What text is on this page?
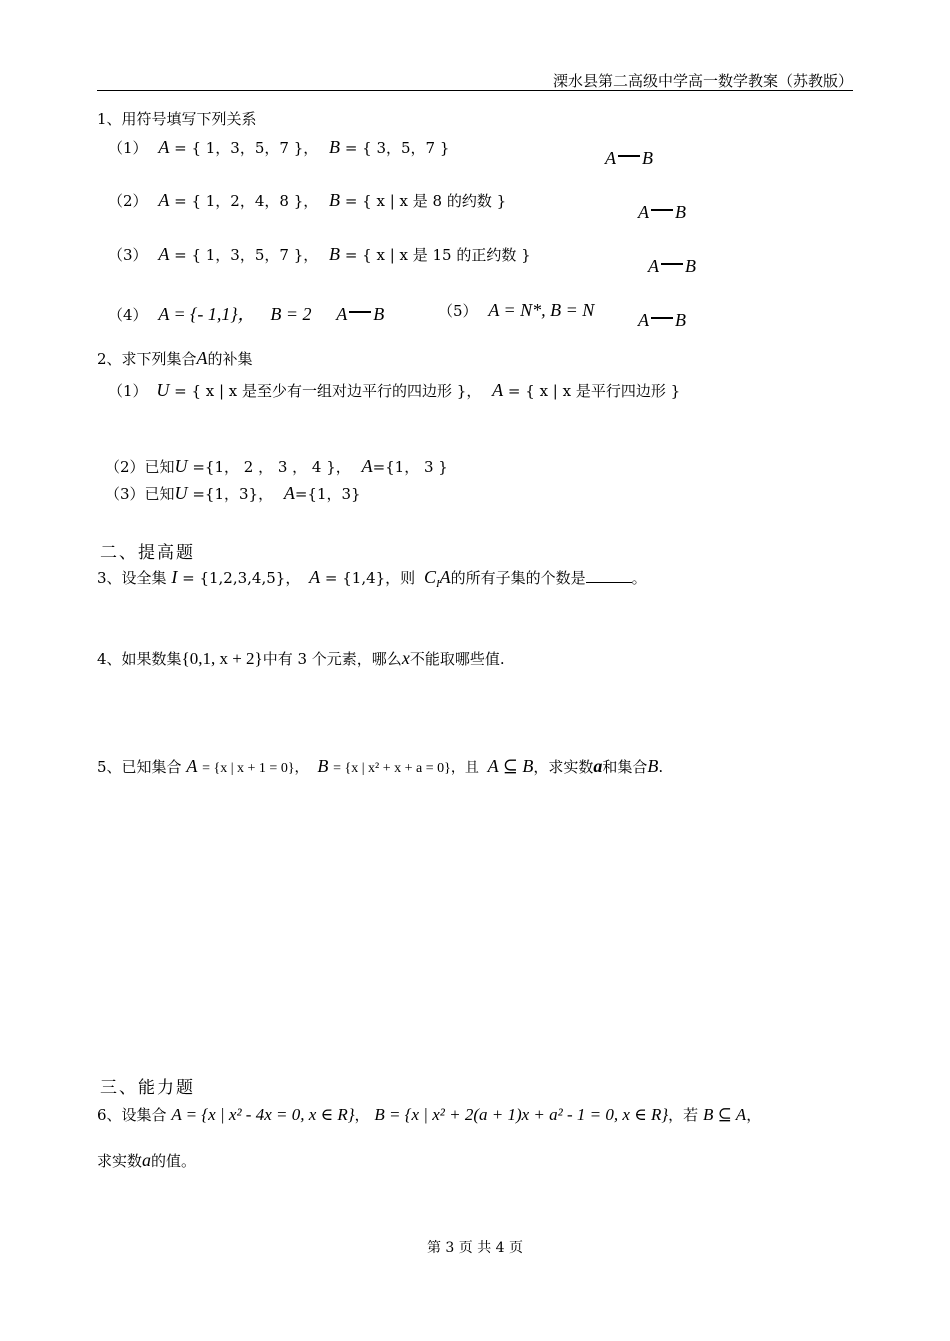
溧水县第二高级中学高一数学教案（苏教版）
1、用符号填写下列关系
（1） A = { 1，3，5，7 }， B = { 3，5，7 }	A B
（2） A = { 1，2，4，8 }， B = { x | x 是 8 的约数 }
A B
（3） A = { 1，3，5，7 }， B = { x | x 是 15 的正约数 }
A B
（4） A = {- 1,1}， B = 2 A B	（5） A = N*, B = N A B
2、求下列集合A的补集
（1） U = { x | x 是至少有一组对边平行的四边形 }， A = { x | x 是平行四边形 }
（2）已知U ={1， 2 ， 3 ， 4 }， A={1， 3 }
（3）已知U ={1，3}， A={1，3}
二、提高题
3、设全集 I = {1,2,3,4,5}， A = {1,4}，则 $C_IA$的所有子集的个数是	。
4、如果数集{0,1, x + 2}中有 3 个元素，哪么x不能取哪些值.
5、已知集合 A = {x | x + 1 = 0}， B = {x | x² + x + a = 0}，且 A ⊆ B，求实数a和集合B.
三、能力题
6、设集合 A = {x | x² - 4x = 0, x ∈ R}， B = {x | x² + 2(a + 1)x + a² - 1 = 0, x ∈ R}，若 B ⊆ A，
求实数a的值。
第 3 页 共 4 页
